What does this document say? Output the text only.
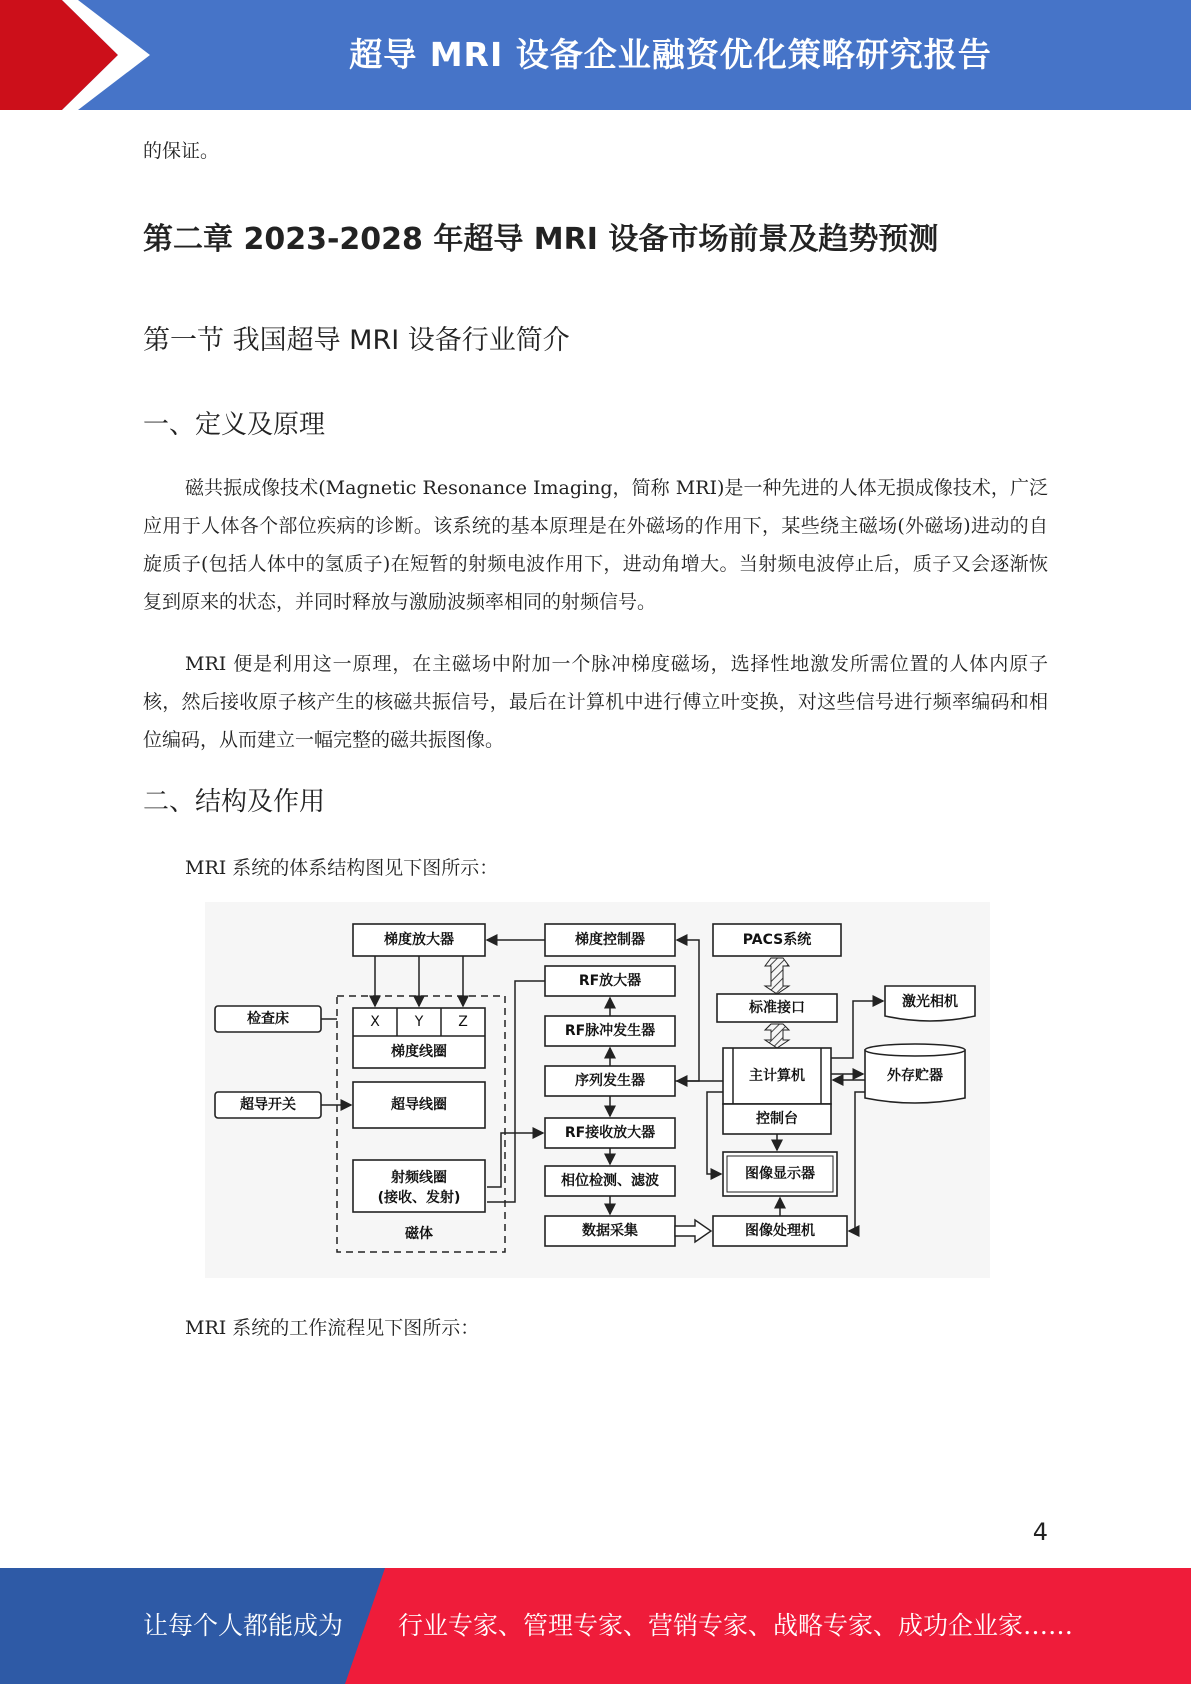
超导 MRI 设备企业融资优化策略研究报告
的保证。
第二章 2023-2028 年超导 MRI 设备市场前景及趋势预测
第一节 我国超导 MRI 设备行业简介
一、定义及原理

磁共振成像技术(Magnetic Resonance Imaging，简称 MRI)是一种先进的人体无损成像技术，广泛应用于人体各个部位疾病的诊断。该系统的基本原理是在外磁场的作用下，某些绕主磁场(外磁场)进动的自旋质子(包括人体中的氢质子)在短暂的射频电波作用下，进动角增大。当射频电波停止后，质子又会逐渐恢复到原来的状态，并同时释放与激励波频率相同的射频信号。

MRI 便是利用这一原理，在主磁场中附加一个脉冲梯度磁场，选择性地激发所需位置的人体内原子核，然后接收原子核产生的核磁共振信号，最后在计算机中进行傅立叶变换，对这些信号进行频率编码和相位编码，从而建立一幅完整的磁共振图像。

二、结构及作用
MRI 系统的体系结构图见下图所示：
梯度放大器	梯度控制器	PACS系统
RF放大器
标准接口	激光相机
检查床	X Y Z
梯度线圈
RF脉冲发生器
主计算机
控制台
外存贮器
序列发生器
超导开关	超导线圈
RF接收放大器
射频线圈
(接收、发射)
相位检测、滤波	图像显示器
磁体	数据采集	图像处理机
MRI 系统的工作流程见下图所示：
4
让每个人都能成为 行业专家、管理专家、营销专家、战略专家、成功企业家……
